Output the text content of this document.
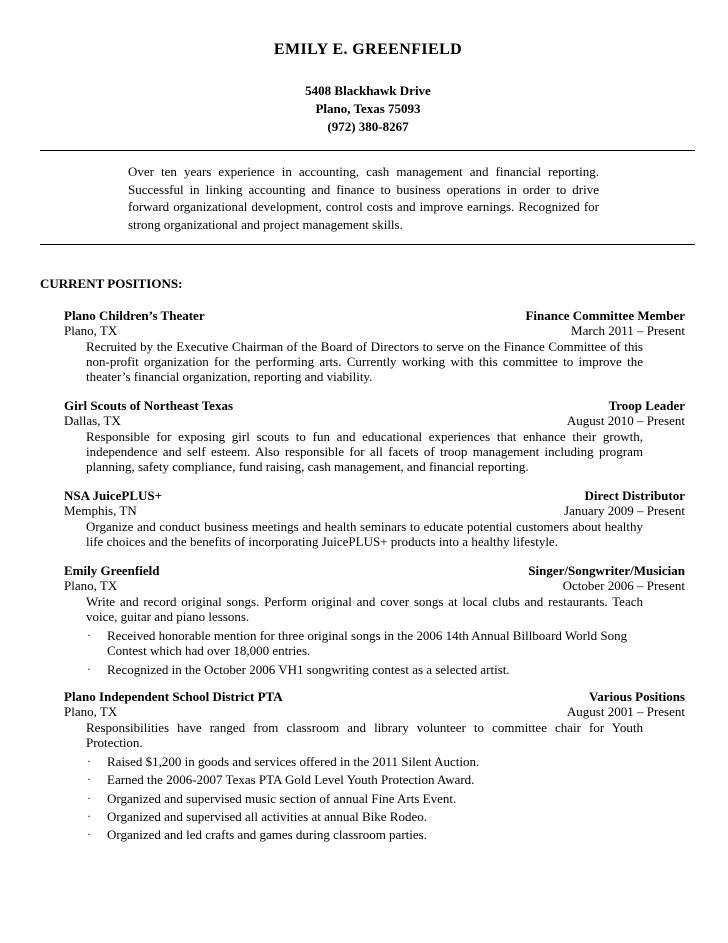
EMILY E. GREENFIELD
5408 Blackhawk Drive
Plano, Texas 75093
(972) 380-8267
Over ten years experience in accounting, cash management and financial reporting. Successful in linking accounting and finance to business operations in order to drive forward organizational development, control costs and improve earnings. Recognized for strong organizational and project management skills.
CURRENT POSITIONS:
Plano Children’s Theater	Finance Committee Member
Plano, TX	March 2011 – Present
Recruited by the Executive Chairman of the Board of Directors to serve on the Finance Committee of this non-profit organization for the performing arts. Currently working with this committee to improve the theater’s financial organization, reporting and viability.
Girl Scouts of Northeast Texas	Troop Leader
Dallas, TX	August 2010 – Present
Responsible for exposing girl scouts to fun and educational experiences that enhance their growth, independence and self esteem. Also responsible for all facets of troop management including program planning, safety compliance, fund raising, cash management, and financial reporting.
NSA JuicePLUS+	Direct Distributor
Memphis, TN	January 2009 – Present
Organize and conduct business meetings and health seminars to educate potential customers about healthy life choices and the benefits of incorporating JuicePLUS+ products into a healthy lifestyle.
Emily Greenfield	Singer/Songwriter/Musician
Plano, TX	October 2006 – Present
Write and record original songs. Perform original and cover songs at local clubs and restaurants. Teach voice, guitar and piano lessons.
· Received honorable mention for three original songs in the 2006 14th Annual Billboard World Song Contest which had over 18,000 entries.
· Recognized in the October 2006 VH1 songwriting contest as a selected artist.
Plano Independent School District PTA	Various Positions
Plano, TX	August 2001 – Present
Responsibilities have ranged from classroom and library volunteer to committee chair for Youth Protection.
· Raised $1,200 in goods and services offered in the 2011 Silent Auction.
· Earned the 2006-2007 Texas PTA Gold Level Youth Protection Award.
· Organized and supervised music section of annual Fine Arts Event.
· Organized and supervised all activities at annual Bike Rodeo.
· Organized and led crafts and games during classroom parties.
